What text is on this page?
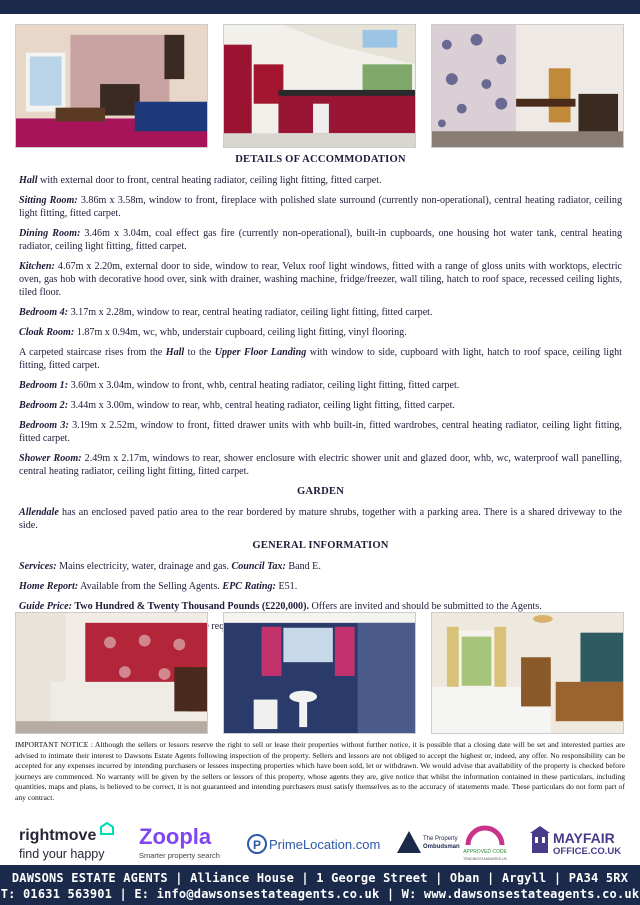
DETAILS OF ACCOMMODATION

Hall with external door to front, central heating radiator, ceiling light fitting, fitted carpet.

Sitting Room: 3.86m x 3.58m, window to front, fireplace with polished slate surround (currently non-operational), central heating radiator, ceiling light fitting, fitted carpet.

Dining Room: 3.46m x 3.04m, coal effect gas fire (currently non-operational), built-in cupboards, one housing hot water tank, central heating radiator, ceiling light fitting, fitted carpet.

Kitchen: 4.67m x 2.20m, external door to side, window to rear, Velux roof light windows, fitted with a range of gloss units with worktops, electric oven, gas hob with decorative hood over, sink with drainer, washing machine, fridge/freezer, wall tiling, hatch to roof space, recessed ceiling lights, tiled floor.

Bedroom 4: 3.17m x 2.28m, window to rear, central heating radiator, ceiling light fitting, fitted carpet.

Cloak Room: 1.87m x 0.94m, wc, whb, understair cupboard, ceiling light fitting, vinyl flooring.

A carpeted staircase rises from the Hall to the Upper Floor Landing with window to side, cupboard with light, hatch to roof space, ceiling light fitting, fitted carpet.

Bedroom 1: 3.60m x 3.04m, window to front, whb, central heating radiator, ceiling light fitting, fitted carpet.

Bedroom 2: 3.44m x 3.00m, window to rear, whb, central heating radiator, ceiling light fitting, fitted carpet.

Bedroom 3: 3.19m x 2.52m, window to front, fitted drawer units with whb built-in, fitted wardrobes, central heating radiator, ceiling light fitting, fitted carpet.

Shower Room: 2.49m x 2.17m, windows to rear, shower enclosure with electric shower unit and glazed door, whb, wc, waterproof wall panelling, central heating radiator, ceiling light fitting, fitted carpet.

GARDEN

Allendale has an enclosed paved patio area to the rear bordered by mature shrubs, together with a parking area. There is a shared driveway to the side.

GENERAL INFORMATION

Services: Mains electricity, water, drainage and gas. Council Tax: Band E.

Home Report: Available from the Selling Agents. EPC Rating: E51.

Guide Price: Two Hundred & Twenty Thousand Pounds (£220,000). Offers are invited and should be submitted to the Agents.

IMPORTANT NOTICE : Although the sellers or lessors reserve the right to sell or lease their properties without further notice, it is possible that a closing date will be set and interested parties are advised to intimate their interest to Dawsons Estate Agents following inspection of the property. Sellers and lessors are not obliged to accept the highest or, indeed, any offer. No responsibility can be accepted for any expenses incurred by intending purchasers or lessees inspecting properties which have been sold, let or withdrawn. We would advise that availability of the property is checked before journeys are commenced. No warranty will be given by the sellers or lessors of this property, whose agents they are, give notice that whilst the information contained in these particulars, including quantities, maps and plans, is believed to be correct, it is not guaranteed and intending purchasers must satisfy themselves as to the accuracy of statements made. These particulars do not form part of any contract.
rightmove
find your happy
Zoopla
Smarter property search
P PrimeLocation.com	The Property
Ombudsman
APPROVED CODE
TRADINGSTANDARDS.UK
MAYFAIR
OFFICE.CO.UK
DAWSONS ESTATE AGENTS | Alliance House | 1 George Street | Oban | Argyll | PA34 5RX
T: 01631 563901 | E: info@dawsonsestateagents.co.uk | W: www.dawsonsestateagents.co.uk
